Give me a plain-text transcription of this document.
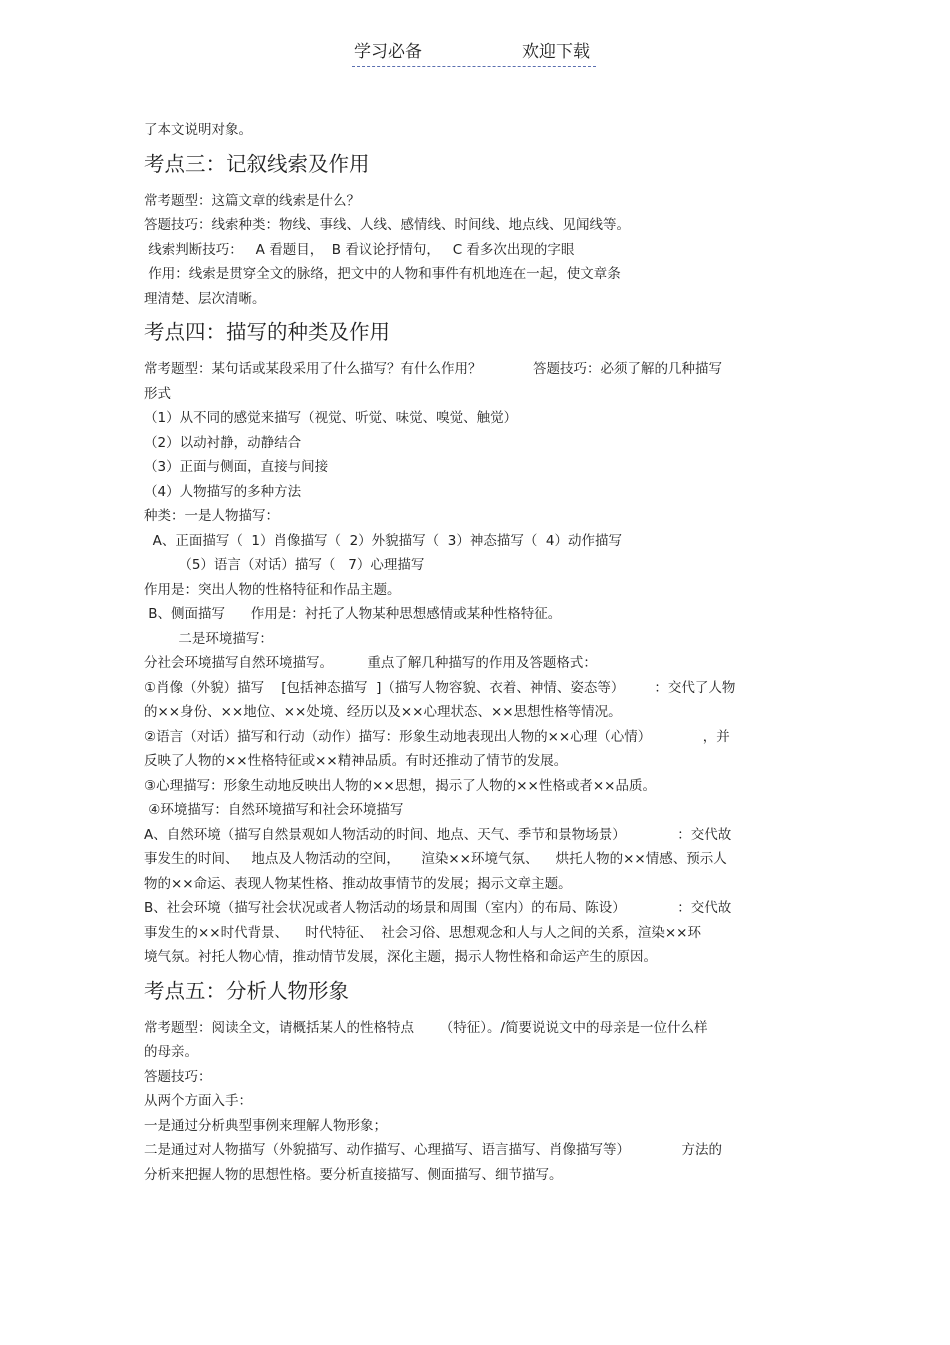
学习必备	欢迎下载
了本文说明对象。
考点三：记叙线索及作用
常考题型：这篇文章的线索是什么？
答题技巧：线索种类：物线、事线、人线、感情线、时间线、地点线、见闻线等。
线索判断技巧：   A 看题目，  B 看议论抒情句，   C 看多次出现的字眼
作用：线索是贯穿全文的脉络，把文中的人物和事件有机地连在一起，使文章条
理清楚、层次清晰。
考点四：描写的种类及作用
常考题型：某句话或某段采用了什么描写？有什么作用？            答题技巧：必须了解的几种描写
形式
（1）从不同的感觉来描写（视觉、听觉、味觉、嗅觉、触觉）
（2）以动衬静，动静结合
（3）正面与侧面，直接与间接
（4）人物描写的多种方法
种类：一是人物描写：
A、正面描写（  1）肖像描写（  2）外貌描写（  3）神态描写（  4）动作描写
（5）语言（对话）描写（   7）心理描写
作用是：突出人物的性格特征和作品主题。
B、侧面描写      作用是：衬托了人物某种思想感情或某种性格特征。
二是环境描写：
分社会环境描写自然环境描写。        重点了解几种描写的作用及答题格式：
①肖像（外貌）描写    [包括神态描写  ]（描写人物容貌、衣着、神情、姿态等）       ：交代了人物
的××身份、××地位、××处境、经历以及××心理状态、××思想性格等情况。
②语言（对话）描写和行动（动作）描写：形象生动地表现出人物的××心理（心情）            ，并
反映了人物的××性格特征或××精神品质。有时还推动了情节的发展。
③心理描写：形象生动地反映出人物的××思想，揭示了人物的××性格或者××品质。
④环境描写：自然环境描写和社会环境描写
A、自然环境（描写自然景观如人物活动的时间、地点、天气、季节和景物场景）            ：交代故
事发生的时间、   地点及人物活动的空间，     渲染××环境气氛、    烘托人物的××情感、预示人
物的××命运、表现人物某性格、推动故事情节的发展；揭示文章主题。
B、社会环境（描写社会状况或者人物活动的场景和周围（室内）的布局、陈设）            ：交代故
事发生的××时代背景、    时代特征、  社会习俗、思想观念和人与人之间的关系，渲染××环
境气氛。衬托人物心情，推动情节发展，深化主题，揭示人物性格和命运产生的原因。
考点五：分析人物形象
常考题型：阅读全文，请概括某人的性格特点      （特征）。/简要说说文中的母亲是一位什么样
的母亲。
答题技巧：
从两个方面入手：
一是通过分析典型事例来理解人物形象；
二是通过对人物描写（外貌描写、动作描写、心理描写、语言描写、肖像描写等）            方法的
分析来把握人物的思想性格。要分析直接描写、侧面描写、细节描写。
